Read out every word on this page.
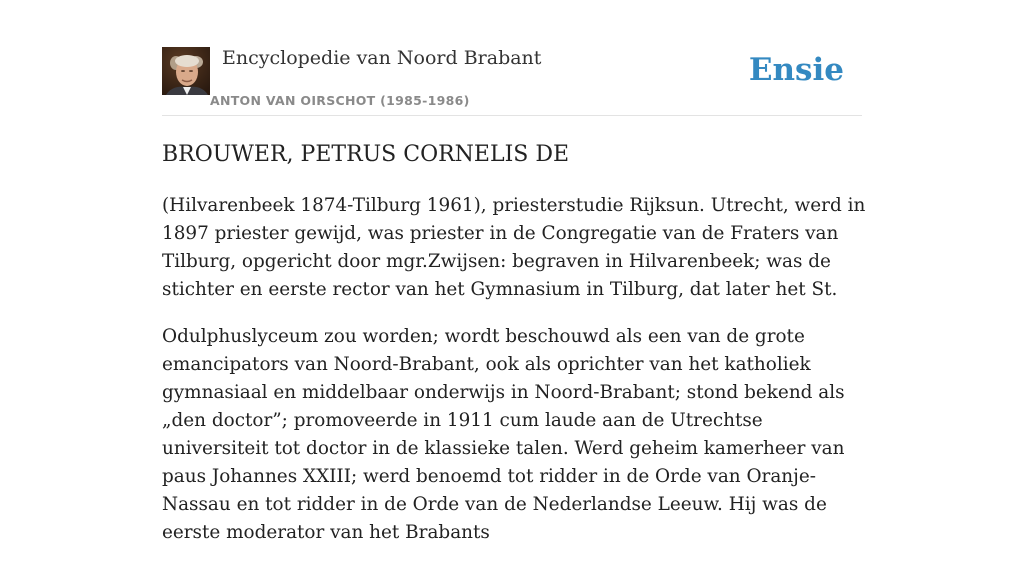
Encyclopedie van Noord Brabant
ANTON VAN OIRSCHOT (1985-1986)
Ensie
BROUWER, PETRUS CORNELIS DE

(Hilvarenbeek 1874-Tilburg 1961), priesterstudie Rijksun. Utrecht, werd in 1897 priester gewijd, was priester in de Congregatie van de Fraters van Tilburg, opgericht door mgr.Zwijsen: begraven in Hilvarenbeek; was de stichter en eerste rector van het Gymnasium in Tilburg, dat later het St.

Odulphuslyceum zou worden; wordt beschouwd als een van de grote emancipators van Noord-Brabant, ook als oprichter van het katholiek gymnasiaal en middelbaar onderwijs in Noord-Brabant; stond bekend als „den doctor”; promoveerde in 1911 cum laude aan de Utrechtse universiteit tot doctor in de klassieke talen. Werd geheim kamerheer van paus Johannes XXIII; werd benoemd tot ridder in de Orde van Oranje-Nassau en tot ridder in de Orde van de Nederlandse Leeuw. Hij was de eerste moderator van het Brabants
